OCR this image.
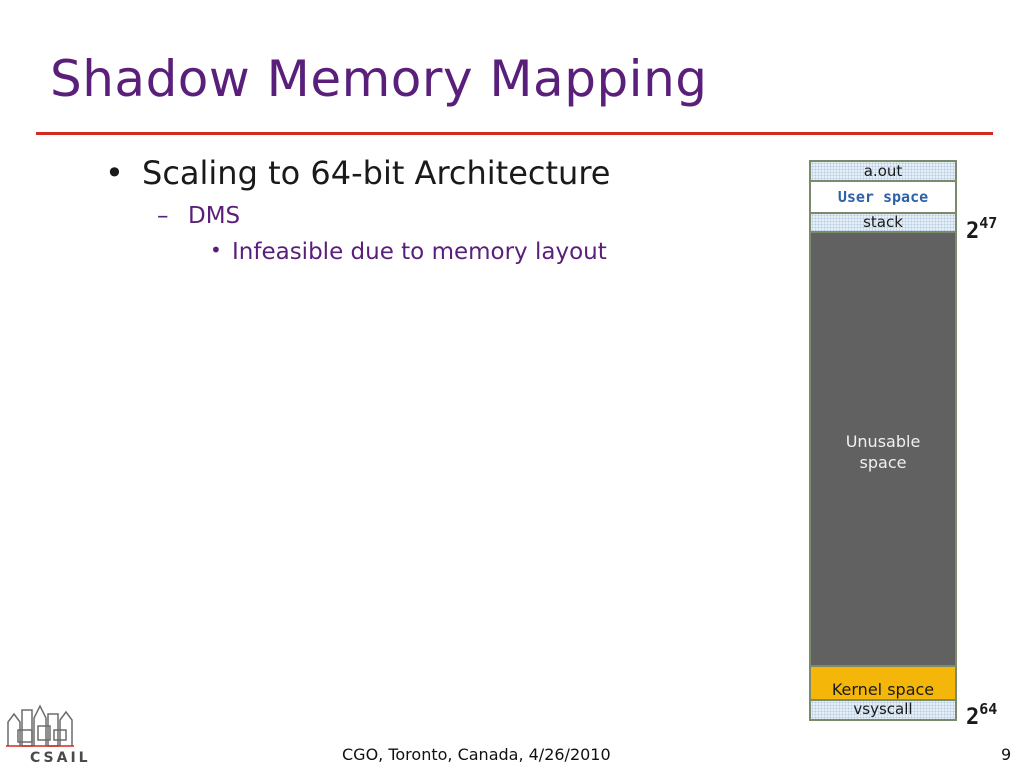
Shadow Memory Mapping
• Scaling to 64-bit Architecture
– DMS
• Infeasible due to memory layout
a.out
User space
stack
Unusable
space
Kernel space
vsyscall
247
264
CSAIL	CGO, Toronto, Canada, 4/26/2010	9
